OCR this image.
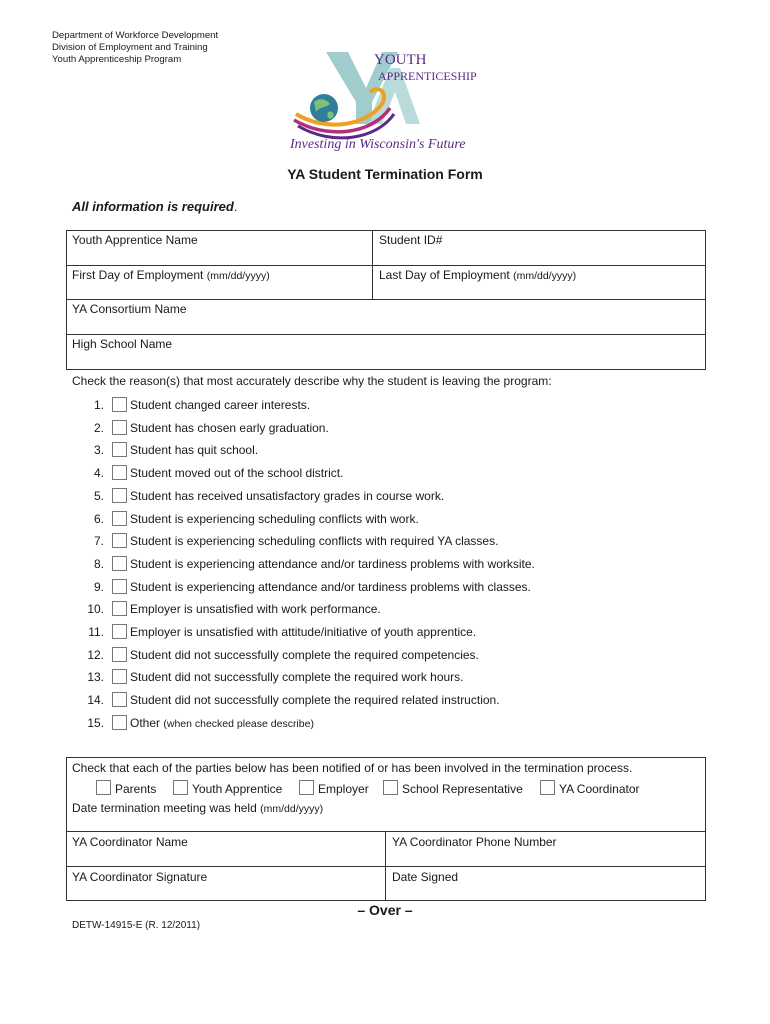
Department of Workforce Development
Division of Employment and Training
Youth Apprenticeship Program	YOUTH
APPRENTICESHIP
Investing in Wisconsin's Future
YA Student Termination Form
All information is required.
Youth Apprentice Name	Student ID#
First Day of Employment (mm/dd/yyyy)	Last Day of Employment (mm/dd/yyyy)
YA Consortium Name
High School Name
Check the reason(s) that most accurately describe why the student is leaving the program:
1. Student changed career interests.
2. Student has chosen early graduation.
3. Student has quit school.
4. Student moved out of the school district.
5. Student has received unsatisfactory grades in course work.
6. Student is experiencing scheduling conflicts with work.
7. Student is experiencing scheduling conflicts with required YA classes.
8. Student is experiencing attendance and/or tardiness problems with worksite.
9. Student is experiencing attendance and/or tardiness problems with classes.
10. Employer is unsatisfied with work performance.
11. Employer is unsatisfied with attitude/initiative of youth apprentice.
12. Student did not successfully complete the required competencies.
13. Student did not successfully complete the required work hours.
14. Student did not successfully complete the required related instruction.
15. Other (when checked please describe)
Check that each of the parties below has been notified of or has been involved in the termination process.
Parents	Youth Apprentice	Employer	School Representative	YA Coordinator
Date termination meeting was held (mm/dd/yyyy)
YA Coordinator Name	YA Coordinator Phone Number
YA Coordinator Signature	Date Signed
– Over –
DETW-14915-E (R. 12/2011)
